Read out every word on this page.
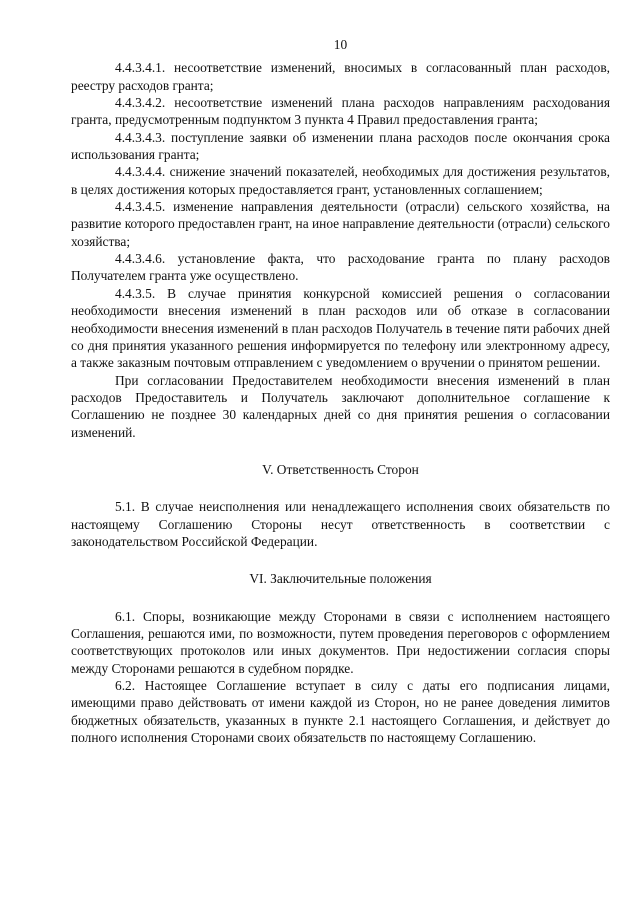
10

4.4.3.4.1. несоответствие изменений, вносимых в согласованный план расходов, реестру расходов гранта;

4.4.3.4.2. несоответствие изменений плана расходов направлениям расходования гранта, предусмотренным подпунктом 3 пункта 4 Правил предоставления гранта;

4.4.3.4.3. поступление заявки об изменении плана расходов после окончания срока использования гранта;

4.4.3.4.4. снижение значений показателей, необходимых для достижения результатов, в целях достижения которых предоставляется грант, установленных соглашением;

4.4.3.4.5. изменение направления деятельности (отрасли) сельского хозяйства, на развитие которого предоставлен грант, на иное направление деятельности (отрасли) сельского хозяйства;

4.4.3.4.6. установление факта, что расходование гранта по плану расходов Получателем гранта уже осуществлено.

4.4.3.5. В случае принятия конкурсной комиссией решения о согласовании необходимости внесения изменений в план расходов или об отказе в согласовании необходимости внесения изменений в план расходов Получатель в течение пяти рабочих дней со дня принятия указанного решения информируется по телефону или электронному адресу, а также заказным почтовым отправлением с уведомлением о вручении о принятом решении.

При согласовании Предоставителем необходимости внесения изменений в план расходов Предоставитель и Получатель заключают дополнительное соглашение к Соглашению не позднее 30 календарных дней со дня принятия решения о согласовании изменений.

V. Ответственность Сторон

5.1. В случае неисполнения или ненадлежащего исполнения своих обязательств по настоящему Соглашению Стороны несут ответственность в соответствии с законодательством Российской Федерации.

VI. Заключительные положения

6.1. Споры, возникающие между Сторонами в связи с исполнением настоящего Соглашения, решаются ими, по возможности, путем проведения переговоров с оформлением соответствующих протоколов или иных документов. При недостижении согласия споры между Сторонами решаются в судебном порядке.

6.2. Настоящее Соглашение вступает в силу с даты его подписания лицами, имеющими право действовать от имени каждой из Сторон, но не ранее доведения лимитов бюджетных обязательств, указанных в пункте 2.1 настоящего Соглашения, и действует до полного исполнения Сторонами своих обязательств по настоящему Соглашению.
